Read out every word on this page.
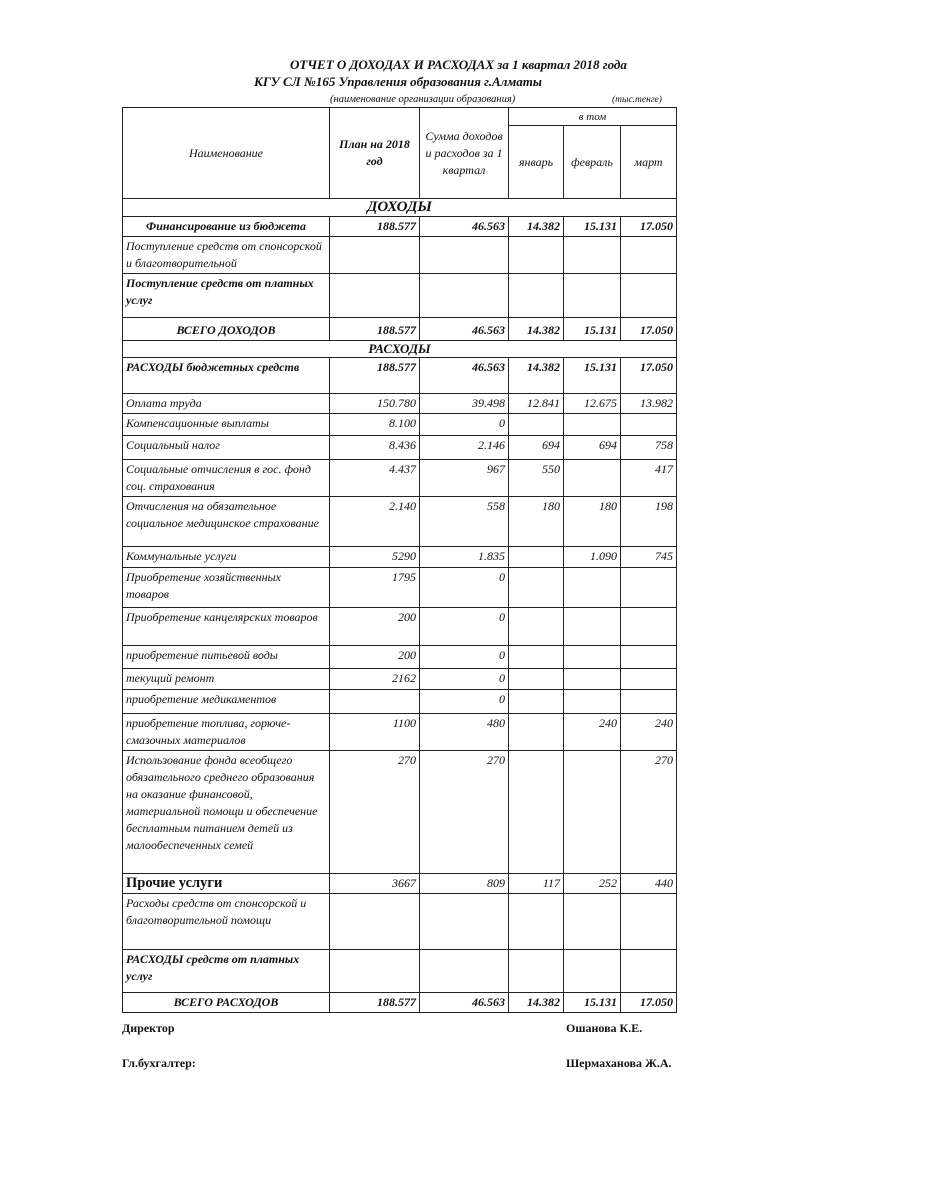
ОТЧЕТ О ДОХОДАХ И РАСХОДАХ за 1 квартал 2018 года
КГУ СЛ №165 Управления образования г.Алматы
(наименование организации образования)	(тыс.тенге)
Наименование	План на 2018 год	Сумма доходов и расходов за 1 квартал	в том		
			январь	февраль	март
ДОХОДЫ					
Финансирование из бюджета	188.577	46.563	14.382	15.131	17.050
Поступление средств от спонсорской и благотворительной					
Поступление средств от платных услуг					
ВСЕГО ДОХОДОВ	188.577	46.563	14.382	15.131	17.050
РАСХОДЫ					
РАСХОДЫ бюджетных средств	188.577	46.563	14.382	15.131	17.050
Оплата труда	150.780	39.498	12.841	12.675	13.982
Компенсационные выплаты	8.100	0			
Социальный налог	8.436	2.146	694	694	758
Социальные отчисления в гос. фонд соц. страхования	4.437	967	550		417
Отчисления на обязательное социальное медицинское страхование	2.140	558	180	180	198
Коммунальные услуги	5290	1.835		1.090	745
Приобретение хозяйственных товаров	1795	0			
Приобретение канцелярских товаров	200	0			
приобретение питьевой воды	200	0			
текущий ремонт	2162	0			
приобретение медикаментов		0			
приобретение топлива, горюче-смазочных материалов	1100	480		240	240
Использование фонда всеобщего обязательного среднего образования на оказание финансовой, материальной помощи и обеспечение бесплатным питанием детей из малообеспеченных семей	270	270			270
Прочие услуги	3667	809	117	252	440
Расходы средств от спонсорской и благотворительной помощи					
РАСХОДЫ средств от платных услуг					
ВСЕГО РАСХОДОВ	188.577	46.563	14.382	15.131	17.050
Директор	Ошанова К.Е.
Гл.бухгалтер:	Шермаханова Ж.А.
